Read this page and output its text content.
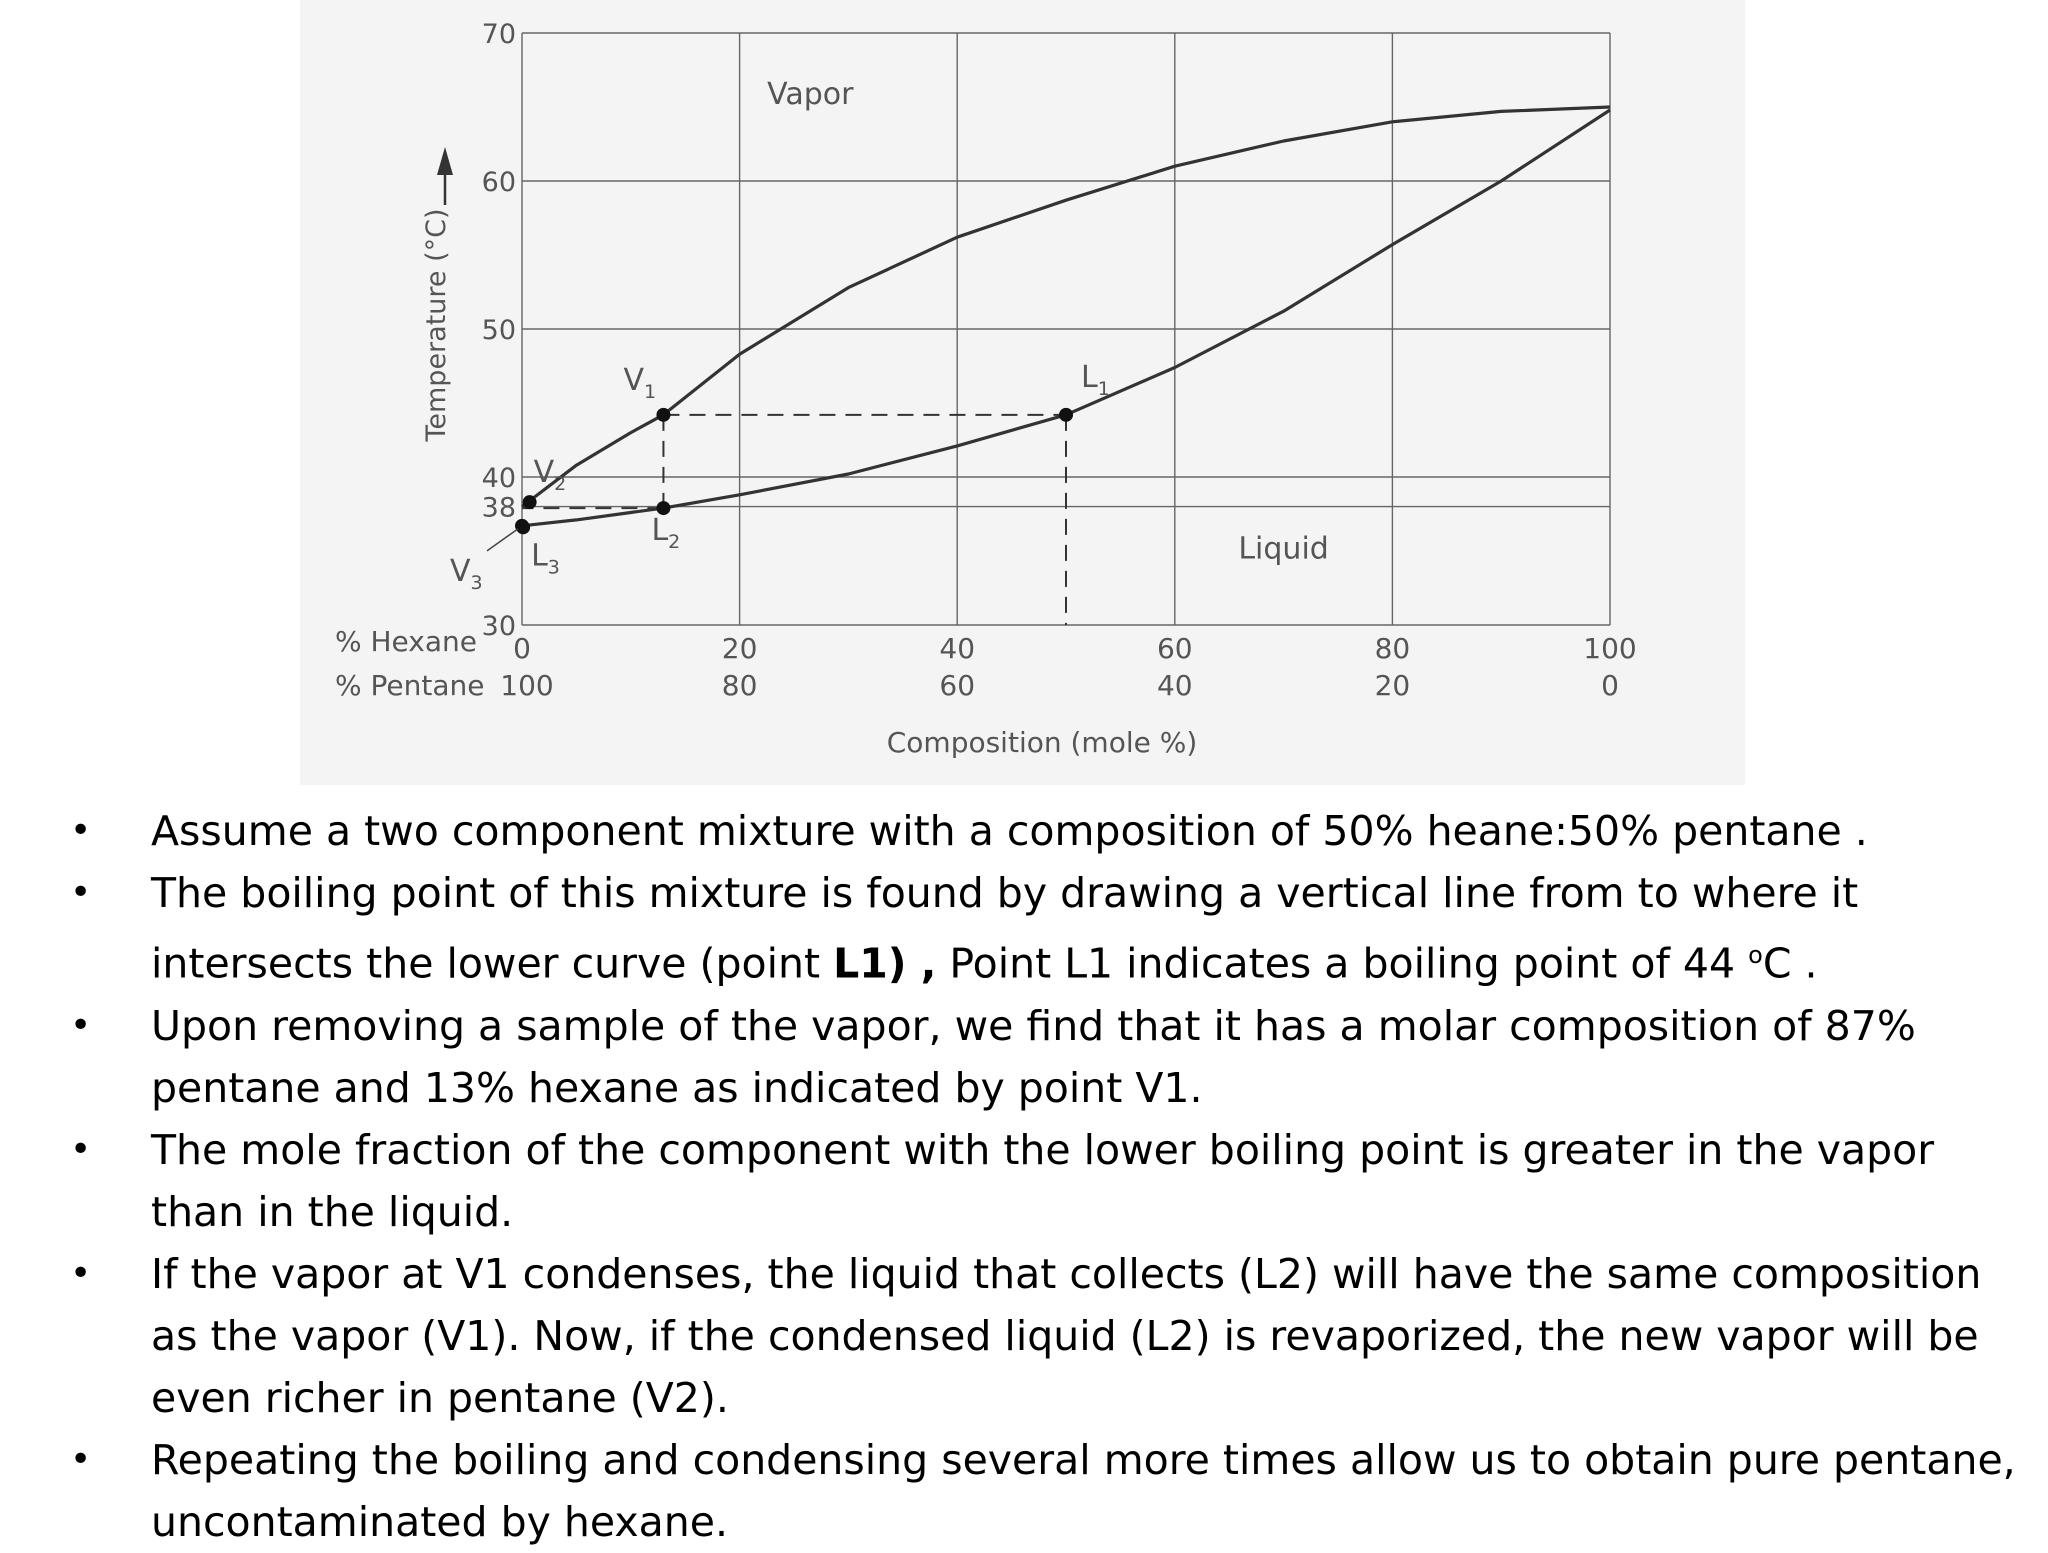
30
38
40
50
60
70
Temperature (°C)
0
100
20
80
40
60
60
40
80
20
100
0
% Hexane
% Pentane
Composition (mole %)
$V_1$	$L_1$
$V_2$
$L_2$
$V_3$
$L_3$
Vapor
Liquid
• Assume a two component mixture with a composition of 50% heane:50% pentane .
• The boiling point of this mixture is found by drawing a vertical line from to where it intersects the lower curve (point L1) , Point L1 indicates a boiling point of 44 $^o$C .
• Upon removing a sample of the vapor, we find that it has a molar composition of 87% pentane and 13% hexane as indicated by point V1.
• The mole fraction of the component with the lower boiling point is greater in the vapor than in the liquid.
• If the vapor at V1 condenses, the liquid that collects (L2) will have the same composition as the vapor (V1). Now, if the condensed liquid (L2) is revaporized, the new vapor will be even richer in pentane (V2).
• Repeating the boiling and condensing several more times allow us to obtain pure pentane, uncontaminated by hexane.
